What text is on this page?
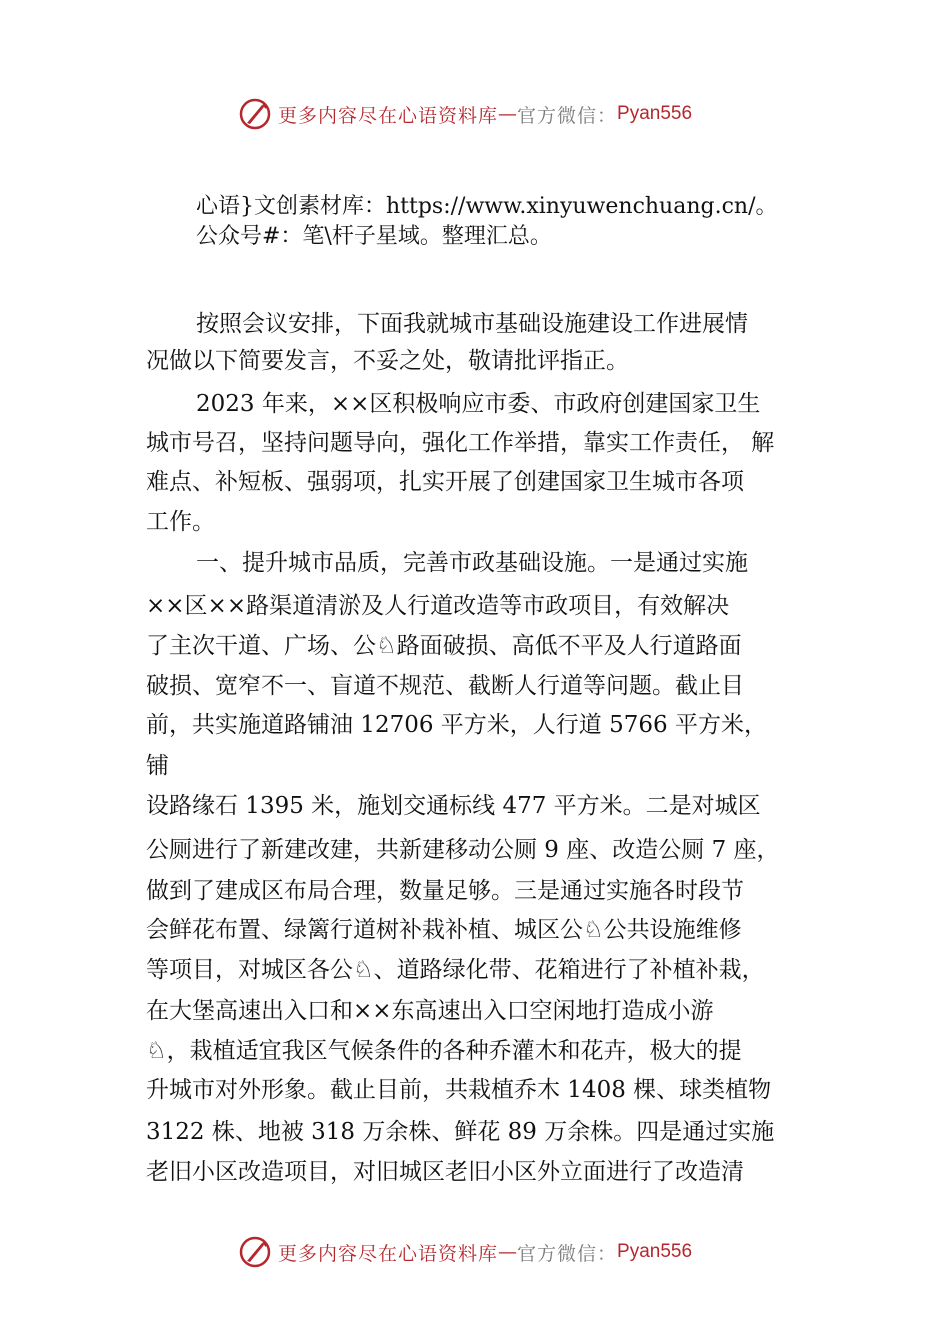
更多内容尽在心语资料库 — 官方微信： Pyan556
心语}文创素材库：https://www.xinyuwenchuang.cn/。
公众号#：笔\杆子星域。整理汇总。
按照会议安排，下面我就城市基础设施建设工作进展情
况做以下简要发言，不妥之处，敬请批评指正。
2023 年来，××区积极响应市委、市政府创建国家卫生
城市号召，坚持问题导向，强化工作举措，靠实工作责任， 解
难点、补短板、强弱项，扎实开展了创建国家卫生城市各项
工作。
一、提升城市品质，完善市政基础设施。一是通过实施
××区××路渠道清淤及人行道改造等市政项目，有效解决
了主次干道、广场、公♘路面破损、高低不平及人行道路面
破损、宽窄不一、盲道不规范、截断人行道等问题。截止目
前，共实施道路铺油 12706 平方米，人行道 5766 平方米，
铺
设路缘石 1395 米，施划交通标线 477 平方米。二是对城区
公厕进行了新建改建，共新建移动公厕 9 座、改造公厕 7 座，
做到了建成区布局合理，数量足够。三是通过实施各时段节
会鲜花布置、绿篱行道树补栽补植、城区公♘公共设施维修
等项目，对城区各公♘、道路绿化带、花箱进行了补植补栽，
在大堡高速出入口和××东高速出入口空闲地打造成小游
♘，栽植适宜我区气候条件的各种乔灌木和花卉，极大的提
升城市对外形象。截止目前，共栽植乔木 1408 棵、球类植物
3122 株、地被 318 万余株、鲜花 89 万余株。四是通过实施
老旧小区改造项目，对旧城区老旧小区外立面进行了改造清
更多内容尽在心语资料库 — 官方微信： Pyan556
